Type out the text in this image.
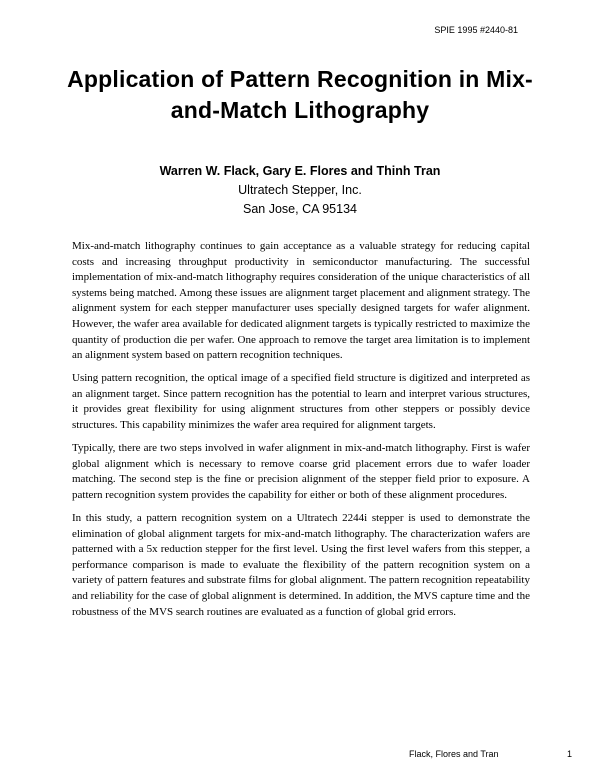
SPIE 1995 #2440-81
Application of Pattern Recognition in Mix-and-Match Lithography
Warren W. Flack, Gary E. Flores and Thinh Tran
Ultratech Stepper, Inc.
San Jose, CA 95134

Mix-and-match lithography continues to gain acceptance as a valuable strategy for reducing capital costs and increasing throughput productivity in semiconductor manufacturing. The successful implementation of mix-and-match lithography requires consideration of the unique characteristics of all systems being matched. Among these issues are alignment target placement and alignment strategy. The alignment system for each stepper manufacturer uses specially designed targets for wafer alignment. However, the wafer area available for dedicated alignment targets is typically restricted to maximize the quantity of production die per wafer. One approach to remove the target area limitation is to implement an alignment system based on pattern recognition techniques.

Using pattern recognition, the optical image of a specified field structure is digitized and interpreted as an alignment target. Since pattern recognition has the potential to learn and interpret various structures, it provides great flexibility for using alignment structures from other steppers or possibly device structures. This capability minimizes the wafer area required for alignment targets.

Typically, there are two steps involved in wafer alignment in mix-and-match lithography. First is wafer global alignment which is necessary to remove coarse grid placement errors due to wafer loader matching. The second step is the fine or precision alignment of the stepper field prior to exposure. A pattern recognition system provides the capability for either or both of these alignment procedures.

In this study, a pattern recognition system on a Ultratech 2244i stepper is used to demonstrate the elimination of global alignment targets for mix-and-match lithography. The characterization wafers are patterned with a 5x reduction stepper for the first level. Using the first level wafers from this stepper, a performance comparison is made to evaluate the flexibility of the pattern recognition system on a variety of pattern features and substrate films for global alignment. The pattern recognition repeatability and reliability for the case of global alignment is determined. In addition, the MVS capture time and the robustness of the MVS search routines are evaluated as a function of global grid errors.

Flack, Flores and Tran	1
